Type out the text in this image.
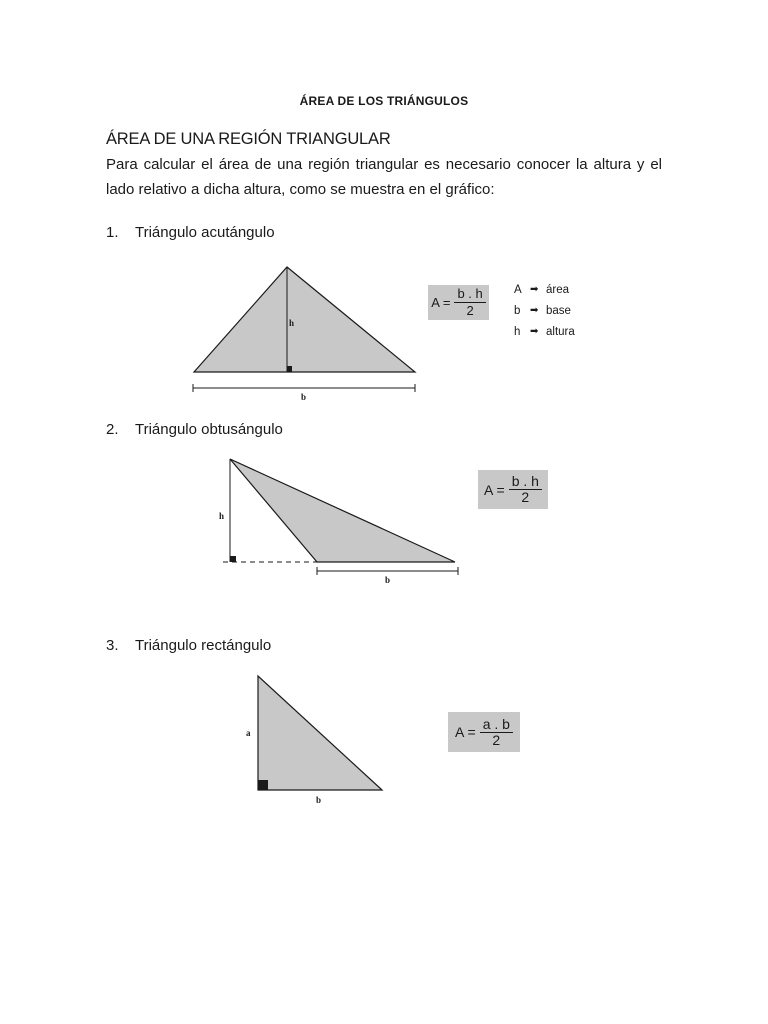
ÁREA DE LOS TRIÁNGULOS
ÁREA DE UNA REGIÓN TRIANGULAR
Para calcular el área de una región triangular es necesario conocer la altura y el lado relativo a dicha altura, como se muestra en el gráfico:
1. Triángulo acutángulo
h
b
$A = \frac{b . h}{2}$ A ➡ área
b ➡ base
h ➡ altura
2. Triángulo obtusángulo
h
b
$A = \frac{b . h}{2}$
3. Triángulo rectángulo
a
b
$A = \frac{a . b}{2}$
